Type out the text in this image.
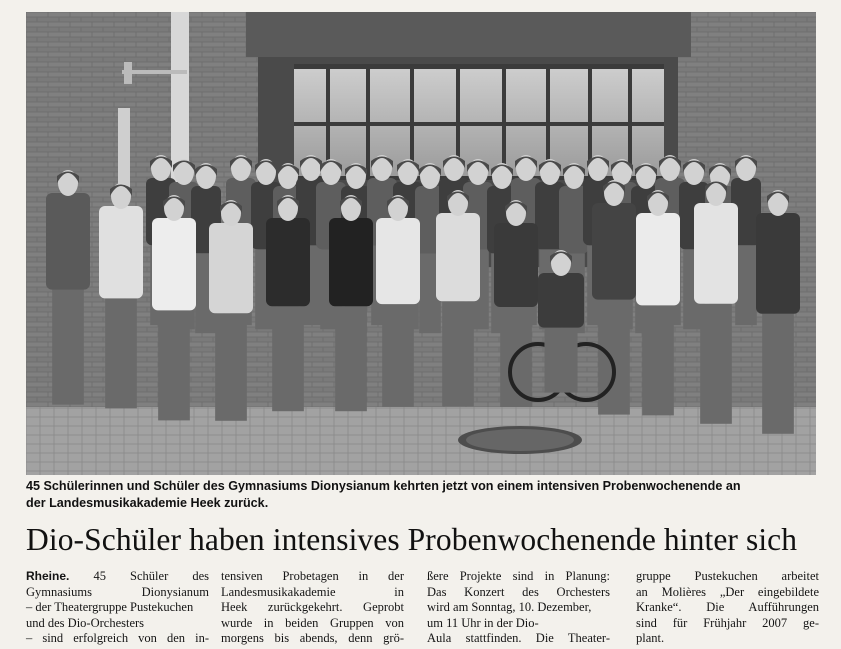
45 Schülerinnen und Schüler des Gymnasiums Dionysianum kehrten jetzt von einem intensiven Probenwochenende an
der Landesmusikakademie Heek zurück.
Dio-Schüler haben intensives Probenwochenende hinter sich
Rheine. 45 Schüler des
Gymnasiums Dionysianum
– der Theatergruppe Pustekuchen und des Dio-Orchesters
– sind erfolgreich von den in-
tensiven Probetagen in der
Landesmusikakademie in
Heek zurückgekehrt. Geprobt
wurde in beiden Gruppen von
morgens bis abends, denn grö-
ßere Projekte sind in Planung:
Das Konzert des Orchesters
wird am Sonntag, 10. Dezember, um 11 Uhr in der Dio-
Aula stattfinden. Die Theater-
gruppe Pustekuchen arbeitet
an Molières „Der eingebildete
Kranke“. Die Aufführungen
sind für Frühjahr 2007 ge-
plant.
